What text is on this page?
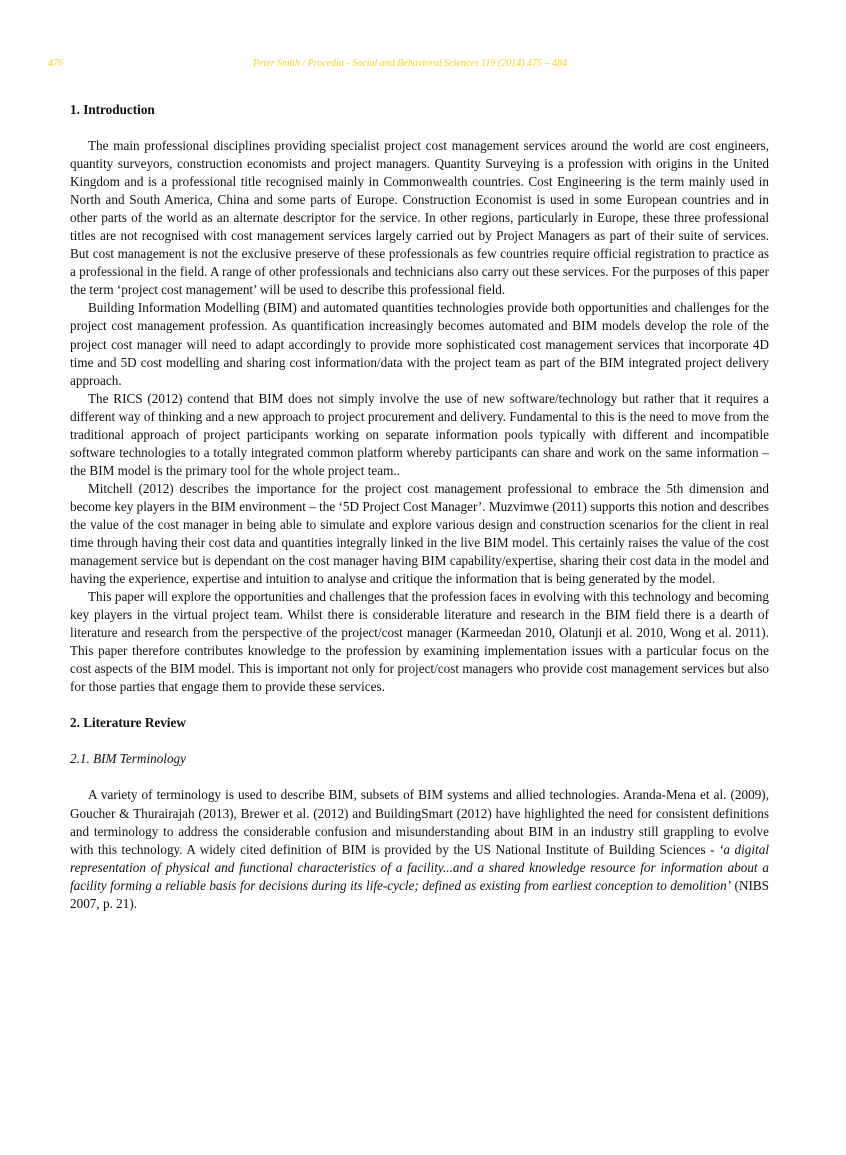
476	Peter Smith / Procedia - Social and Behavioral Sciences 119 (2014) 475 – 484

1. Introduction

The main professional disciplines providing specialist project cost management services around the world are cost engineers, quantity surveyors, construction economists and project managers. Quantity Surveying is a profession with origins in the United Kingdom and is a professional title recognised mainly in Commonwealth countries. Cost Engineering is the term mainly used in North and South America, China and some parts of Europe. Construction Economist is used in some European countries and in other parts of the world as an alternate descriptor for the service. In other regions, particularly in Europe, these three professional titles are not recognised with cost management services largely carried out by Project Managers as part of their suite of services. But cost management is not the exclusive preserve of these professionals as few countries require official registration to practice as a professional in the field. A range of other professionals and technicians also carry out these services. For the purposes of this paper the term ‘project cost management’ will be used to describe this professional field.

Building Information Modelling (BIM) and automated quantities technologies provide both opportunities and challenges for the project cost management profession. As quantification increasingly becomes automated and BIM models develop the role of the project cost manager will need to adapt accordingly to provide more sophisticated cost management services that incorporate 4D time and 5D cost modelling and sharing cost information/data with the project team as part of the BIM integrated project delivery approach.

The RICS (2012) contend that BIM does not simply involve the use of new software/technology but rather that it requires a different way of thinking and a new approach to project procurement and delivery. Fundamental to this is the need to move from the traditional approach of project participants working on separate information pools typically with different and incompatible software technologies to a totally integrated common platform whereby participants can share and work on the same information – the BIM model is the primary tool for the whole project team..

Mitchell (2012) describes the importance for the project cost management professional to embrace the 5th dimension and become key players in the BIM environment – the ‘5D Project Cost Manager’. Muzvimwe (2011) supports this notion and describes the value of the cost manager in being able to simulate and explore various design and construction scenarios for the client in real time through having their cost data and quantities integrally linked in the live BIM model. This certainly raises the value of the cost management service but is dependant on the cost manager having BIM capability/expertise, sharing their cost data in the model and having the experience, expertise and intuition to analyse and critique the information that is being generated by the model.

This paper will explore the opportunities and challenges that the profession faces in evolving with this technology and becoming key players in the virtual project team. Whilst there is considerable literature and research in the BIM field there is a dearth of literature and research from the perspective of the project/cost manager (Karmeedan 2010, Olatunji et al. 2010, Wong et al. 2011). This paper therefore contributes knowledge to the profession by examining implementation issues with a particular focus on the cost aspects of the BIM model. This is important not only for project/cost managers who provide cost management services but also for those parties that engage them to provide these services.

2. Literature Review

2.1. BIM Terminology

A variety of terminology is used to describe BIM, subsets of BIM systems and allied technologies. Aranda-Mena et al. (2009), Goucher & Thurairajah (2013), Brewer et al. (2012) and BuildingSmart (2012) have highlighted the need for consistent definitions and terminology to address the considerable confusion and misunderstanding about BIM in an industry still grappling to evolve with this technology. A widely cited definition of BIM is provided by the US National Institute of Building Sciences - ‘a digital representation of physical and functional characteristics of a facility...and a shared knowledge resource for information about a facility forming a reliable basis for decisions during its life-cycle; defined as existing from earliest conception to demolition’ (NIBS 2007, p. 21).
